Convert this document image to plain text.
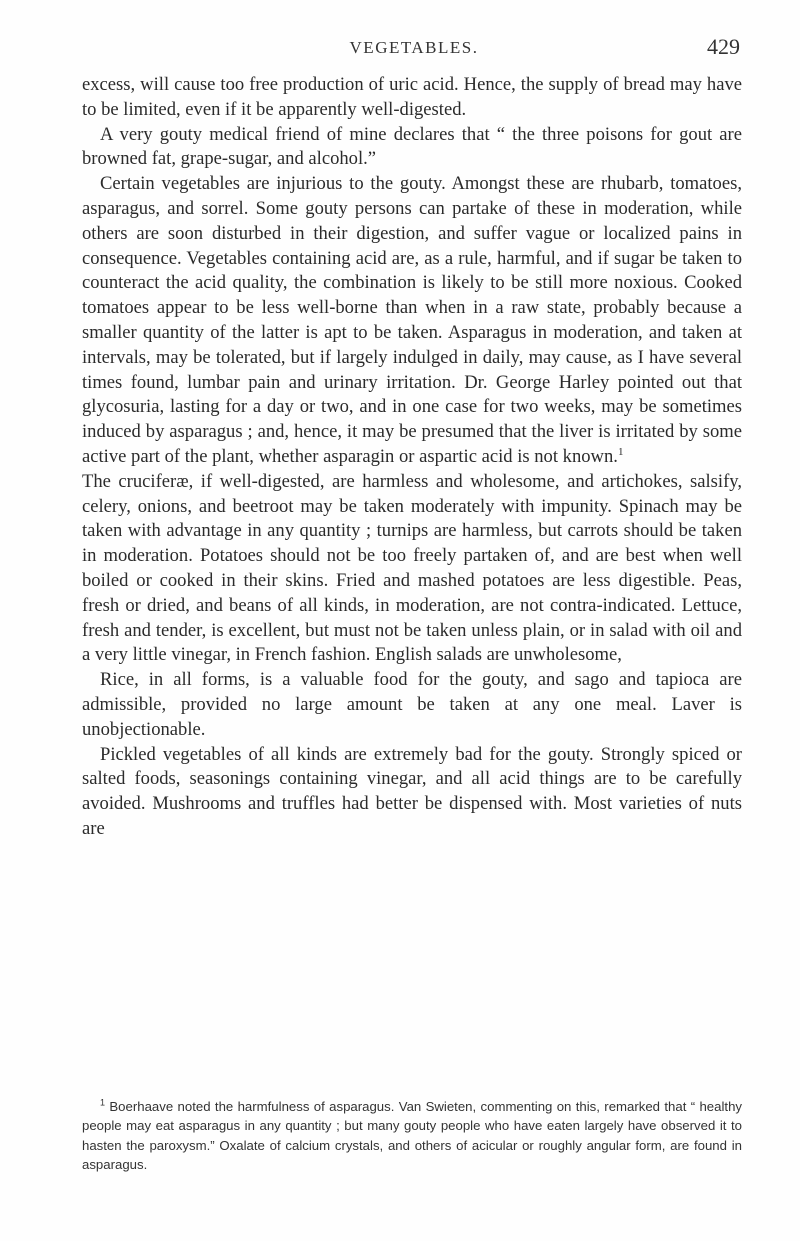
VEGETABLES.	429

excess, will cause too free production of uric acid. Hence, the supply of bread may have to be limited, even if it be apparently well-digested.

A very gouty medical friend of mine declares that “ the three poisons for gout are browned fat, grape-sugar, and alcohol.”

Certain vegetables are injurious to the gouty. Amongst these are rhubarb, tomatoes, asparagus, and sorrel. Some gouty persons can partake of these in moderation, while others are soon disturbed in their digestion, and suffer vague or localized pains in consequence. Vegetables containing acid are, as a rule, harmful, and if sugar be taken to counteract the acid quality, the combination is likely to be still more noxious. Cooked tomatoes appear to be less well-borne than when in a raw state, probably because a smaller quantity of the latter is apt to be taken. Asparagus in moderation, and taken at intervals, may be tolerated, but if largely indulged in daily, may cause, as I have several times found, lumbar pain and urinary irritation. Dr. George Harley pointed out that glycosuria, lasting for a day or two, and in one case for two weeks, may be sometimes induced by asparagus ; and, hence, it may be presumed that the liver is irritated by some active part of the plant, whether asparagin or aspartic acid is not known.$^1$

The cruciferæ, if well-digested, are harmless and wholesome, and artichokes, salsify, celery, onions, and beetroot may be taken moderately with impunity. Spinach may be taken with advantage in any quantity ; turnips are harmless, but carrots should be taken in moderation. Potatoes should not be too freely partaken of, and are best when well boiled or cooked in their skins. Fried and mashed potatoes are less digestible. Peas, fresh or dried, and beans of all kinds, in moderation, are not contra-indicated. Lettuce, fresh and tender, is excellent, but must not be taken unless plain, or in salad with oil and a very little vinegar, in French fashion. English salads are unwholesome,

Rice, in all forms, is a valuable food for the gouty, and sago and tapioca are admissible, provided no large amount be taken at any one meal. Laver is unobjectionable.

Pickled vegetables of all kinds are extremely bad for the gouty. Strongly spiced or salted foods, seasonings containing vinegar, and all acid things are to be carefully avoided. Mushrooms and truffles had better be dispensed with. Most varieties of nuts are

$^1$ Boerhaave noted the harmfulness of asparagus. Van Swieten, commenting on this, remarked that “ healthy people may eat asparagus in any quantity ; but many gouty people who have eaten largely have observed it to hasten the paroxysm.” Oxalate of calcium crystals, and others of acicular or roughly angular form, are found in asparagus.
